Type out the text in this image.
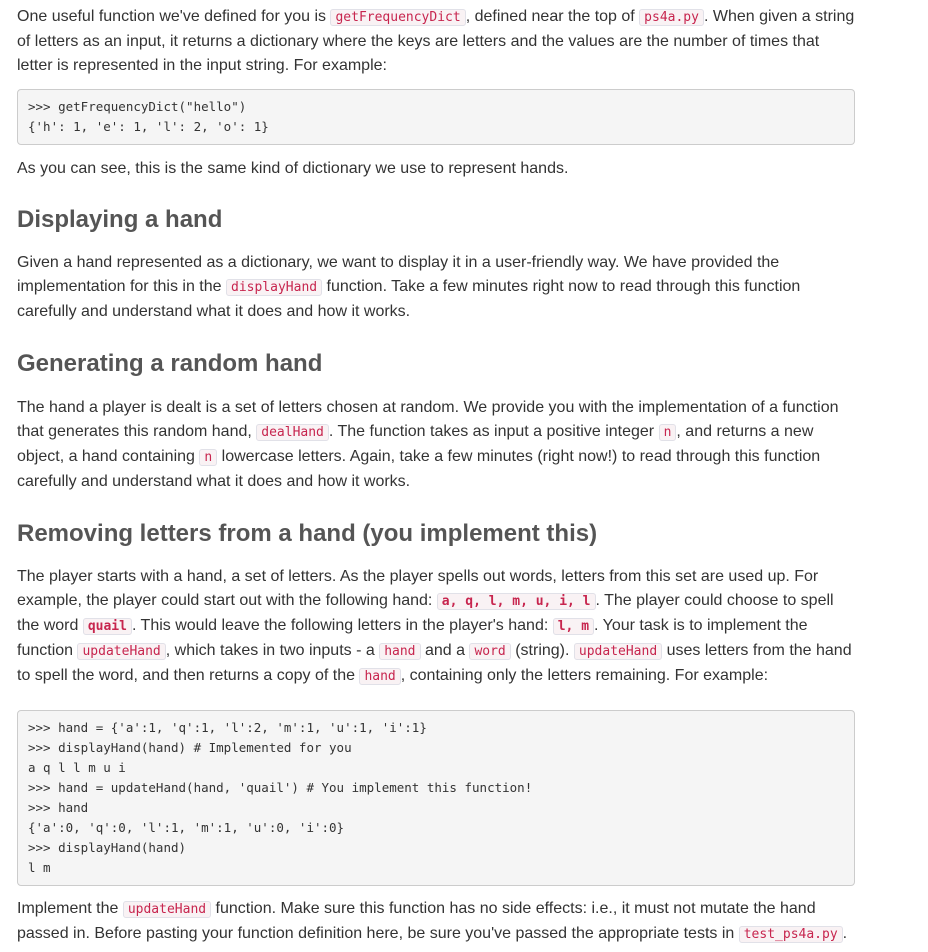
One useful function we've defined for you is getFrequencyDict , defined near the top of ps4a.py . When given a string of letters as an input, it returns a dictionary where the keys are letters and the values are the number of times that letter is represented in the input string. For example:

>>> getFrequencyDict("hello")
{'h': 1, 'e': 1, 'l': 2, 'o': 1}

As you can see, this is the same kind of dictionary we use to represent hands.

Displaying a hand

Given a hand represented as a dictionary, we want to display it in a user-friendly way. We have provided the implementation for this in the displayHand function. Take a few minutes right now to read through this function carefully and understand what it does and how it works.

Generating a random hand

The hand a player is dealt is a set of letters chosen at random. We provide you with the implementation of a function that generates this random hand, dealHand . The function takes as input a positive integer n , and returns a new object, a hand containing n lowercase letters. Again, take a few minutes (right now!) to read through this function carefully and understand what it does and how it works.

Removing letters from a hand (you implement this)

The player starts with a hand, a set of letters. As the player spells out words, letters from this set are used up. For example, the player could start out with the following hand: a, q, l, m, u, i, l . The player could choose to spell the word quail . This would leave the following letters in the player's hand: l, m . Your task is to implement the function updateHand , which takes in two inputs - a hand and a word (string). updateHand uses letters from the hand to spell the word, and then returns a copy of the hand , containing only the letters remaining. For example:

>>> hand = {'a':1, 'q':1, 'l':2, 'm':1, 'u':1, 'i':1}
>>> displayHand(hand) # Implemented for you
a q l l m u i
>>> hand = updateHand(hand, 'quail') # You implement this function!
>>> hand
{'a':0, 'q':0, 'l':1, 'm':1, 'u':0, 'i':0}
>>> displayHand(hand)
l m

Implement the updateHand function. Make sure this function has no side effects: i.e., it must not mutate the hand passed in. Before pasting your function definition here, be sure you've passed the appropriate tests in test_ps4a.py .
